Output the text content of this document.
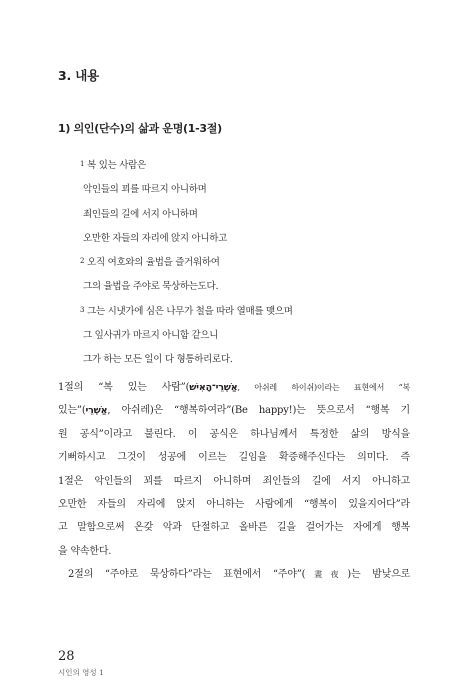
3. 내용
1) 의인(단수)의 삶과 운명(1-3절)
$^1$ 복 있는 사람은
악인들의 꾀를 따르지 아니하며
죄인들의 길에 서지 아니하며
오만한 자들의 자리에 앉지 아니하고
$^2$ 오직 여호와의 율법을 즐거워하여
그의 율법을 주야로 묵상하는도다.
$^3$ 그는 시냇가에 심은 나무가 철을 따라 열매를 맺으며
그 잎사귀가 마르지 아니함 같으니
그가 하는 모든 일이 다 형통하리로다.

1절의 “복 있는 사람”(אַשְׁרֵי־הָאִישׁ, 아쉬레 하이쉬)이라는 표현에서 “복

있는”(אַשְׁרֵי, 아쉬레)은 “행복하여라”(Be happy!)는 뜻으로서 “행복 기

원 공식”이라고 불린다. 이 공식은 하나님께서 특정한 삶의 방식을

기뻐하시고 그것이 성공에 이르는 길임을 확증해주신다는 의미다. 즉

1절은 악인들의 꾀를 따르지 아니하며 죄인들의 길에 서지 아니하고

오만한 자들의 자리에 앉지 아니하는 사람에게 “행복이 있을지어다”라

고 말함으로써 온갖 악과 단절하고 올바른 길을 걸어가는 자에게 행복

을 약속한다.

2절의 “주야로 묵상하다”라는 표현에서 “주야”(晝夜)는 밤낮으로

28
시인의 영성 1
